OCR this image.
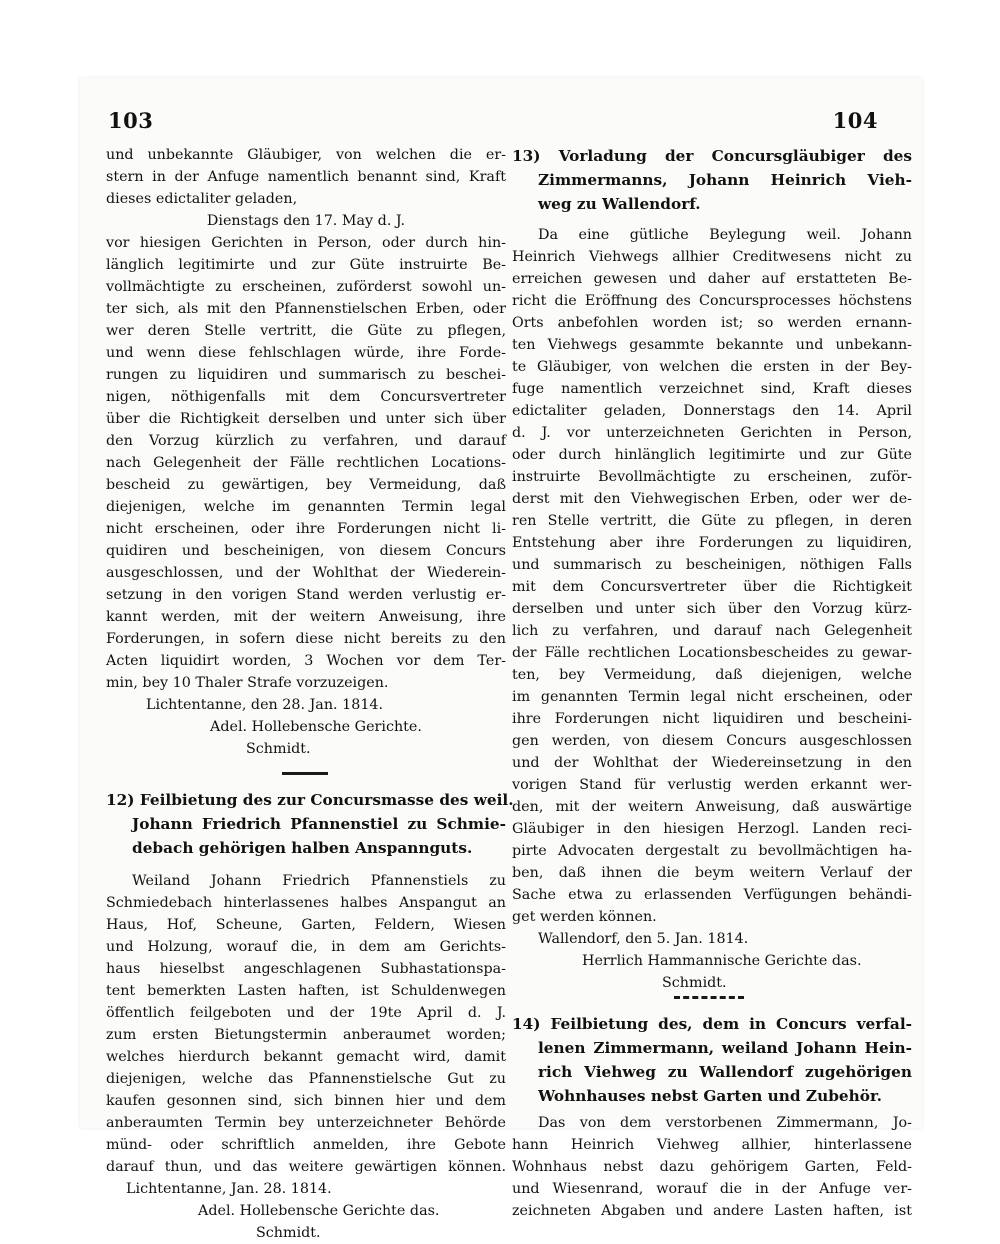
103	104
und unbekannte Gläubiger, von welchen die er-
stern in der Anfuge namentlich benannt sind, Kraft
dieses edictaliter geladen,
Dienstags den 17. May d. J.
vor hiesigen Gerichten in Person, oder durch hin-
länglich legitimirte und zur Güte instruirte Be-
vollmächtigte zu erscheinen, zuförderst sowohl un-
ter sich, als mit den Pfannenstielschen Erben, oder
wer deren Stelle vertritt, die Güte zu pflegen,
und wenn diese fehlschlagen würde, ihre Forde-
rungen zu liquidiren und summarisch zu beschei-
nigen, nöthigenfalls mit dem Concursvertreter
über die Richtigkeit derselben und unter sich über
den Vorzug kürzlich zu verfahren, und darauf
nach Gelegenheit der Fälle rechtlichen Locations-
bescheid zu gewärtigen, bey Vermeidung, daß
diejenigen, welche im genannten Termin legal
nicht erscheinen, oder ihre Forderungen nicht li-
quidiren und bescheinigen, von diesem Concurs
ausgeschlossen, und der Wohlthat der Wiederein-
setzung in den vorigen Stand werden verlustig er-
kannt werden, mit der weitern Anweisung, ihre
Forderungen, in sofern diese nicht bereits zu den
Acten liquidirt worden, 3 Wochen vor dem Ter-
min, bey 10 Thaler Strafe vorzuzeigen.
Lichtentanne, den 28. Jan. 1814.
Adel. Hollebensche Gerichte.
Schmidt.
12) Feilbietung des zur Concursmasse des weil.
Johann Friedrich Pfannenstiel zu Schmie-
debach gehörigen halben Anspannguts.
Weiland Johann Friedrich Pfannenstiels zu
Schmiedebach hinterlassenes halbes Anspangut an
Haus, Hof, Scheune, Garten, Feldern, Wiesen
und Holzung, worauf die, in dem am Gerichts-
haus hieselbst angeschlagenen Subhastationspa-
tent bemerkten Lasten haften, ist Schuldenwegen
öffentlich feilgeboten und der 19te April d. J.
zum ersten Bietungstermin anberaumet worden;
welches hierdurch bekannt gemacht wird, damit
diejenigen, welche das Pfannenstielsche Gut zu
kaufen gesonnen sind, sich binnen hier und dem
anberaumten Termin bey unterzeichneter Behörde
münd- oder schriftlich anmelden, ihre Gebote
darauf thun, und das weitere gewärtigen können.
Lichtentanne, Jan. 28. 1814.
Adel. Hollebensche Gerichte das.
Schmidt.
13) Vorladung der Concursgläubiger des
Zimmermanns, Johann Heinrich Vieh-
weg zu Wallendorf.
Da eine gütliche Beylegung weil. Johann
Heinrich Viehwegs allhier Creditwesens nicht zu
erreichen gewesen und daher auf erstatteten Be-
richt die Eröffnung des Concursprocesses höchstens
Orts anbefohlen worden ist; so werden ernann-
ten Viehwegs gesammte bekannte und unbekann-
te Gläubiger, von welchen die ersten in der Bey-
fuge namentlich verzeichnet sind, Kraft dieses
edictaliter geladen, Donnerstags den 14. April
d. J. vor unterzeichneten Gerichten in Person,
oder durch hinlänglich legitimirte und zur Güte
instruirte Bevollmächtigte zu erscheinen, zuför-
derst mit den Viehwegischen Erben, oder wer de-
ren Stelle vertritt, die Güte zu pflegen, in deren
Entstehung aber ihre Forderungen zu liquidiren,
und summarisch zu bescheinigen, nöthigen Falls
mit dem Concursvertreter über die Richtigkeit
derselben und unter sich über den Vorzug kürz-
lich zu verfahren, und darauf nach Gelegenheit
der Fälle rechtlichen Locationsbescheides zu gewar-
ten, bey Vermeidung, daß diejenigen, welche
im genannten Termin legal nicht erscheinen, oder
ihre Forderungen nicht liquidiren und bescheini-
gen werden, von diesem Concurs ausgeschlossen
und der Wohlthat der Wiedereinsetzung in den
vorigen Stand für verlustig werden erkannt wer-
den, mit der weitern Anweisung, daß auswärtige
Gläubiger in den hiesigen Herzogl. Landen reci-
pirte Advocaten dergestalt zu bevollmächtigen ha-
ben, daß ihnen die beym weitern Verlauf der
Sache etwa zu erlassenden Verfügungen behändi-
get werden können.
Wallendorf, den 5. Jan. 1814.
Herrlich Hammannische Gerichte das.
Schmidt.
14) Feilbietung des, dem in Concurs verfal-
lenen Zimmermann, weiland Johann Hein-
rich Viehweg zu Wallendorf zugehörigen
Wohnhauses nebst Garten und Zubehör.
Das von dem verstorbenen Zimmermann, Jo-
hann Heinrich Viehweg allhier, hinterlassene
Wohnhaus nebst dazu gehörigem Garten, Feld-
und Wiesenrand, worauf die in der Anfuge ver-
zeichneten Abgaben und andere Lasten haften, ist
